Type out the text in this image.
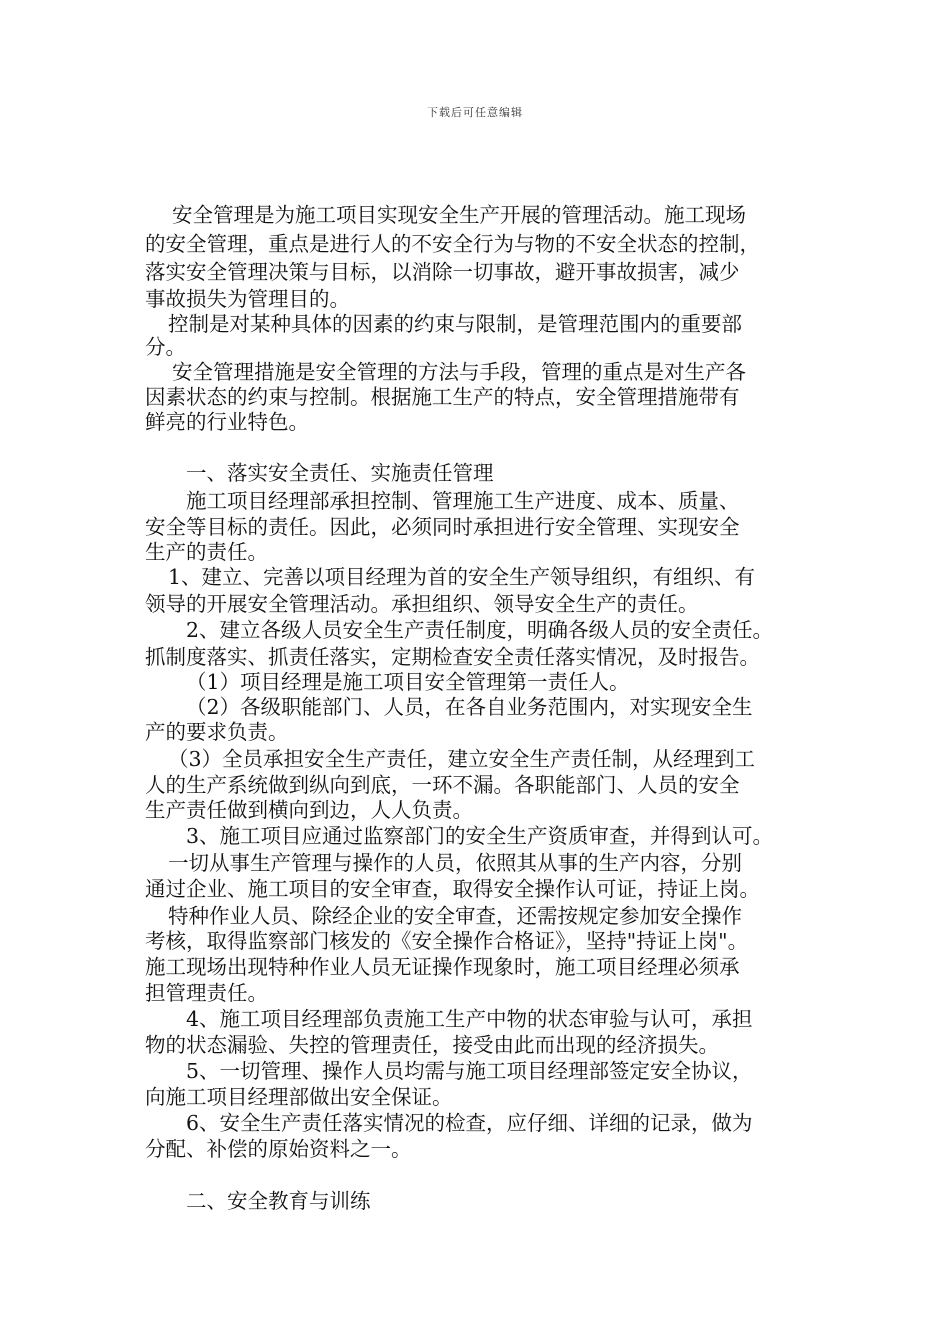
下载后可任意编辑
安全管理是为施工项目实现安全生产开展的管理活动。施工现场
的安全管理，重点是进行人的不安全行为与物的不安全状态的控制，
落实安全管理决策与目标，以消除一切事故，避开事故损害，减少
事故损失为管理目的。
控制是对某种具体的因素的约束与限制，是管理范围内的重要部
分。
安全管理措施是安全管理的方法与手段，管理的重点是对生产各
因素状态的约束与控制。根据施工生产的特点，安全管理措施带有
鲜亮的行业特色。
一、落实安全责任、实施责任管理
施工项目经理部承担控制、管理施工生产进度、成本、质量、
安全等目标的责任。因此，必须同时承担进行安全管理、实现安全
生产的责任。
1、建立、完善以项目经理为首的安全生产领导组织，有组织、有
领导的开展安全管理活动。承担组织、领导安全生产的责任。
2、建立各级人员安全生产责任制度，明确各级人员的安全责任。
抓制度落实、抓责任落实，定期检查安全责任落实情况，及时报告。
（1）项目经理是施工项目安全管理第一责任人。
（2）各级职能部门、人员，在各自业务范围内，对实现安全生
产的要求负责。
（3）全员承担安全生产责任，建立安全生产责任制，从经理到工
人的生产系统做到纵向到底，一环不漏。各职能部门、人员的安全
生产责任做到横向到边，人人负责。
3、施工项目应通过监察部门的安全生产资质审查，并得到认可。
一切从事生产管理与操作的人员，依照其从事的生产内容，分别
通过企业、施工项目的安全审查，取得安全操作认可证，持证上岗。
特种作业人员、除经企业的安全审查，还需按规定参加安全操作
考核，取得监察部门核发的《安全操作合格证》，坚持"持证上岗"。
施工现场出现特种作业人员无证操作现象时，施工项目经理必须承
担管理责任。
4、施工项目经理部负责施工生产中物的状态审验与认可，承担
物的状态漏验、失控的管理责任，接受由此而出现的经济损失。
5、一切管理、操作人员均需与施工项目经理部签定安全协议，
向施工项目经理部做出安全保证。
6、安全生产责任落实情况的检查，应仔细、详细的记录，做为
分配、补偿的原始资料之一。
二、安全教育与训练
